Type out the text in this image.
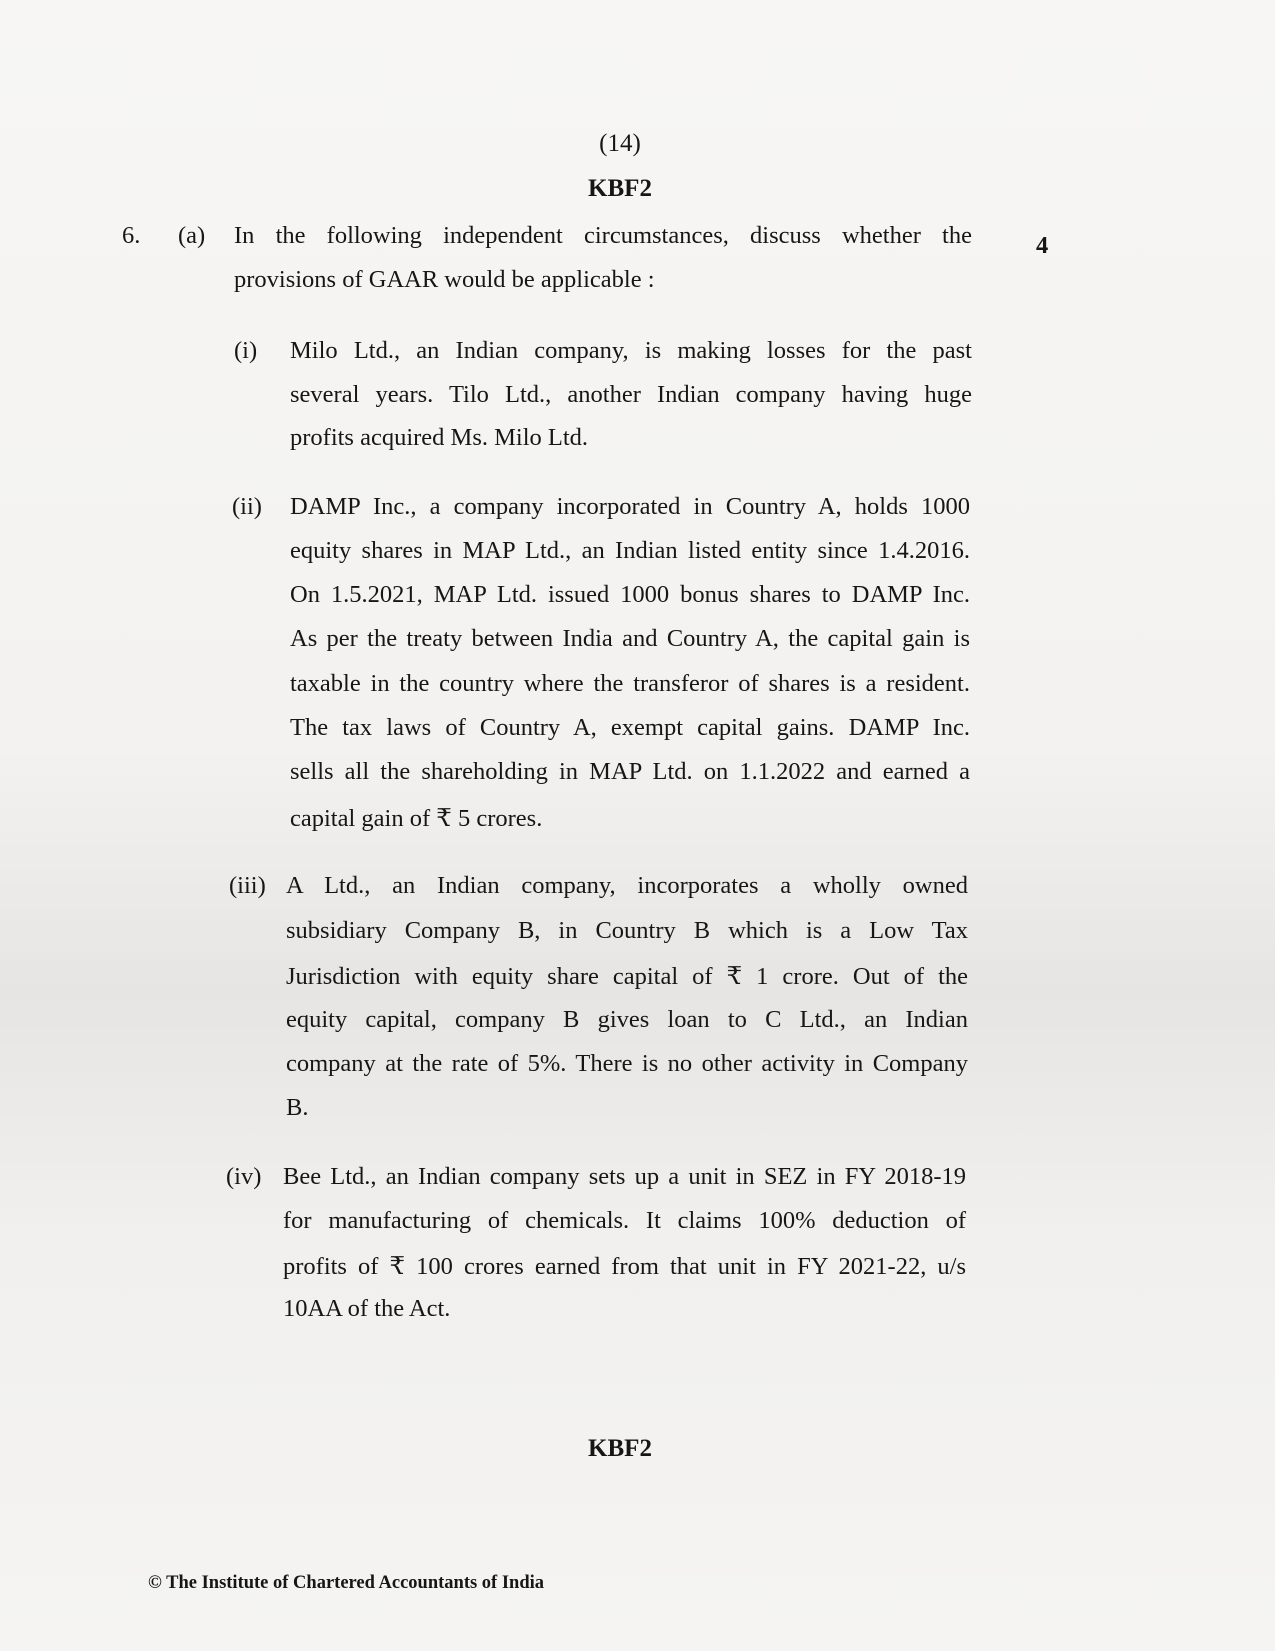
(14)
KBF2
6. (a)	4
In the following independent circumstances, discuss whether the
provisions of GAAR would be applicable :
(i) Milo Ltd., an Indian company, is making losses for the past
several years. Tilo Ltd., another Indian company having huge
profits acquired Ms. Milo Ltd.
(ii) DAMP Inc., a company incorporated in Country A, holds 1000
equity shares in MAP Ltd., an Indian listed entity since 1.4.2016.
On 1.5.2021, MAP Ltd. issued 1000 bonus shares to DAMP Inc.
As per the treaty between India and Country A, the capital gain is
taxable in the country where the transferor of shares is a resident.
The tax laws of Country A, exempt capital gains. DAMP Inc.
sells all the shareholding in MAP Ltd. on 1.1.2022 and earned a
capital gain of ₹ 5 crores.
(iii) A Ltd., an Indian company, incorporates a wholly owned
subsidiary Company B, in Country B which is a Low Tax
Jurisdiction with equity share capital of ₹ 1 crore. Out of the
equity capital, company B gives loan to C Ltd., an Indian
company at the rate of 5%. There is no other activity in Company
B.
(iv) Bee Ltd., an Indian company sets up a unit in SEZ in FY 2018-19
for manufacturing of chemicals. It claims 100% deduction of
profits of ₹ 100 crores earned from that unit in FY 2021-22, u/s
10AA of the Act.
KBF2
© The Institute of Chartered Accountants of India
